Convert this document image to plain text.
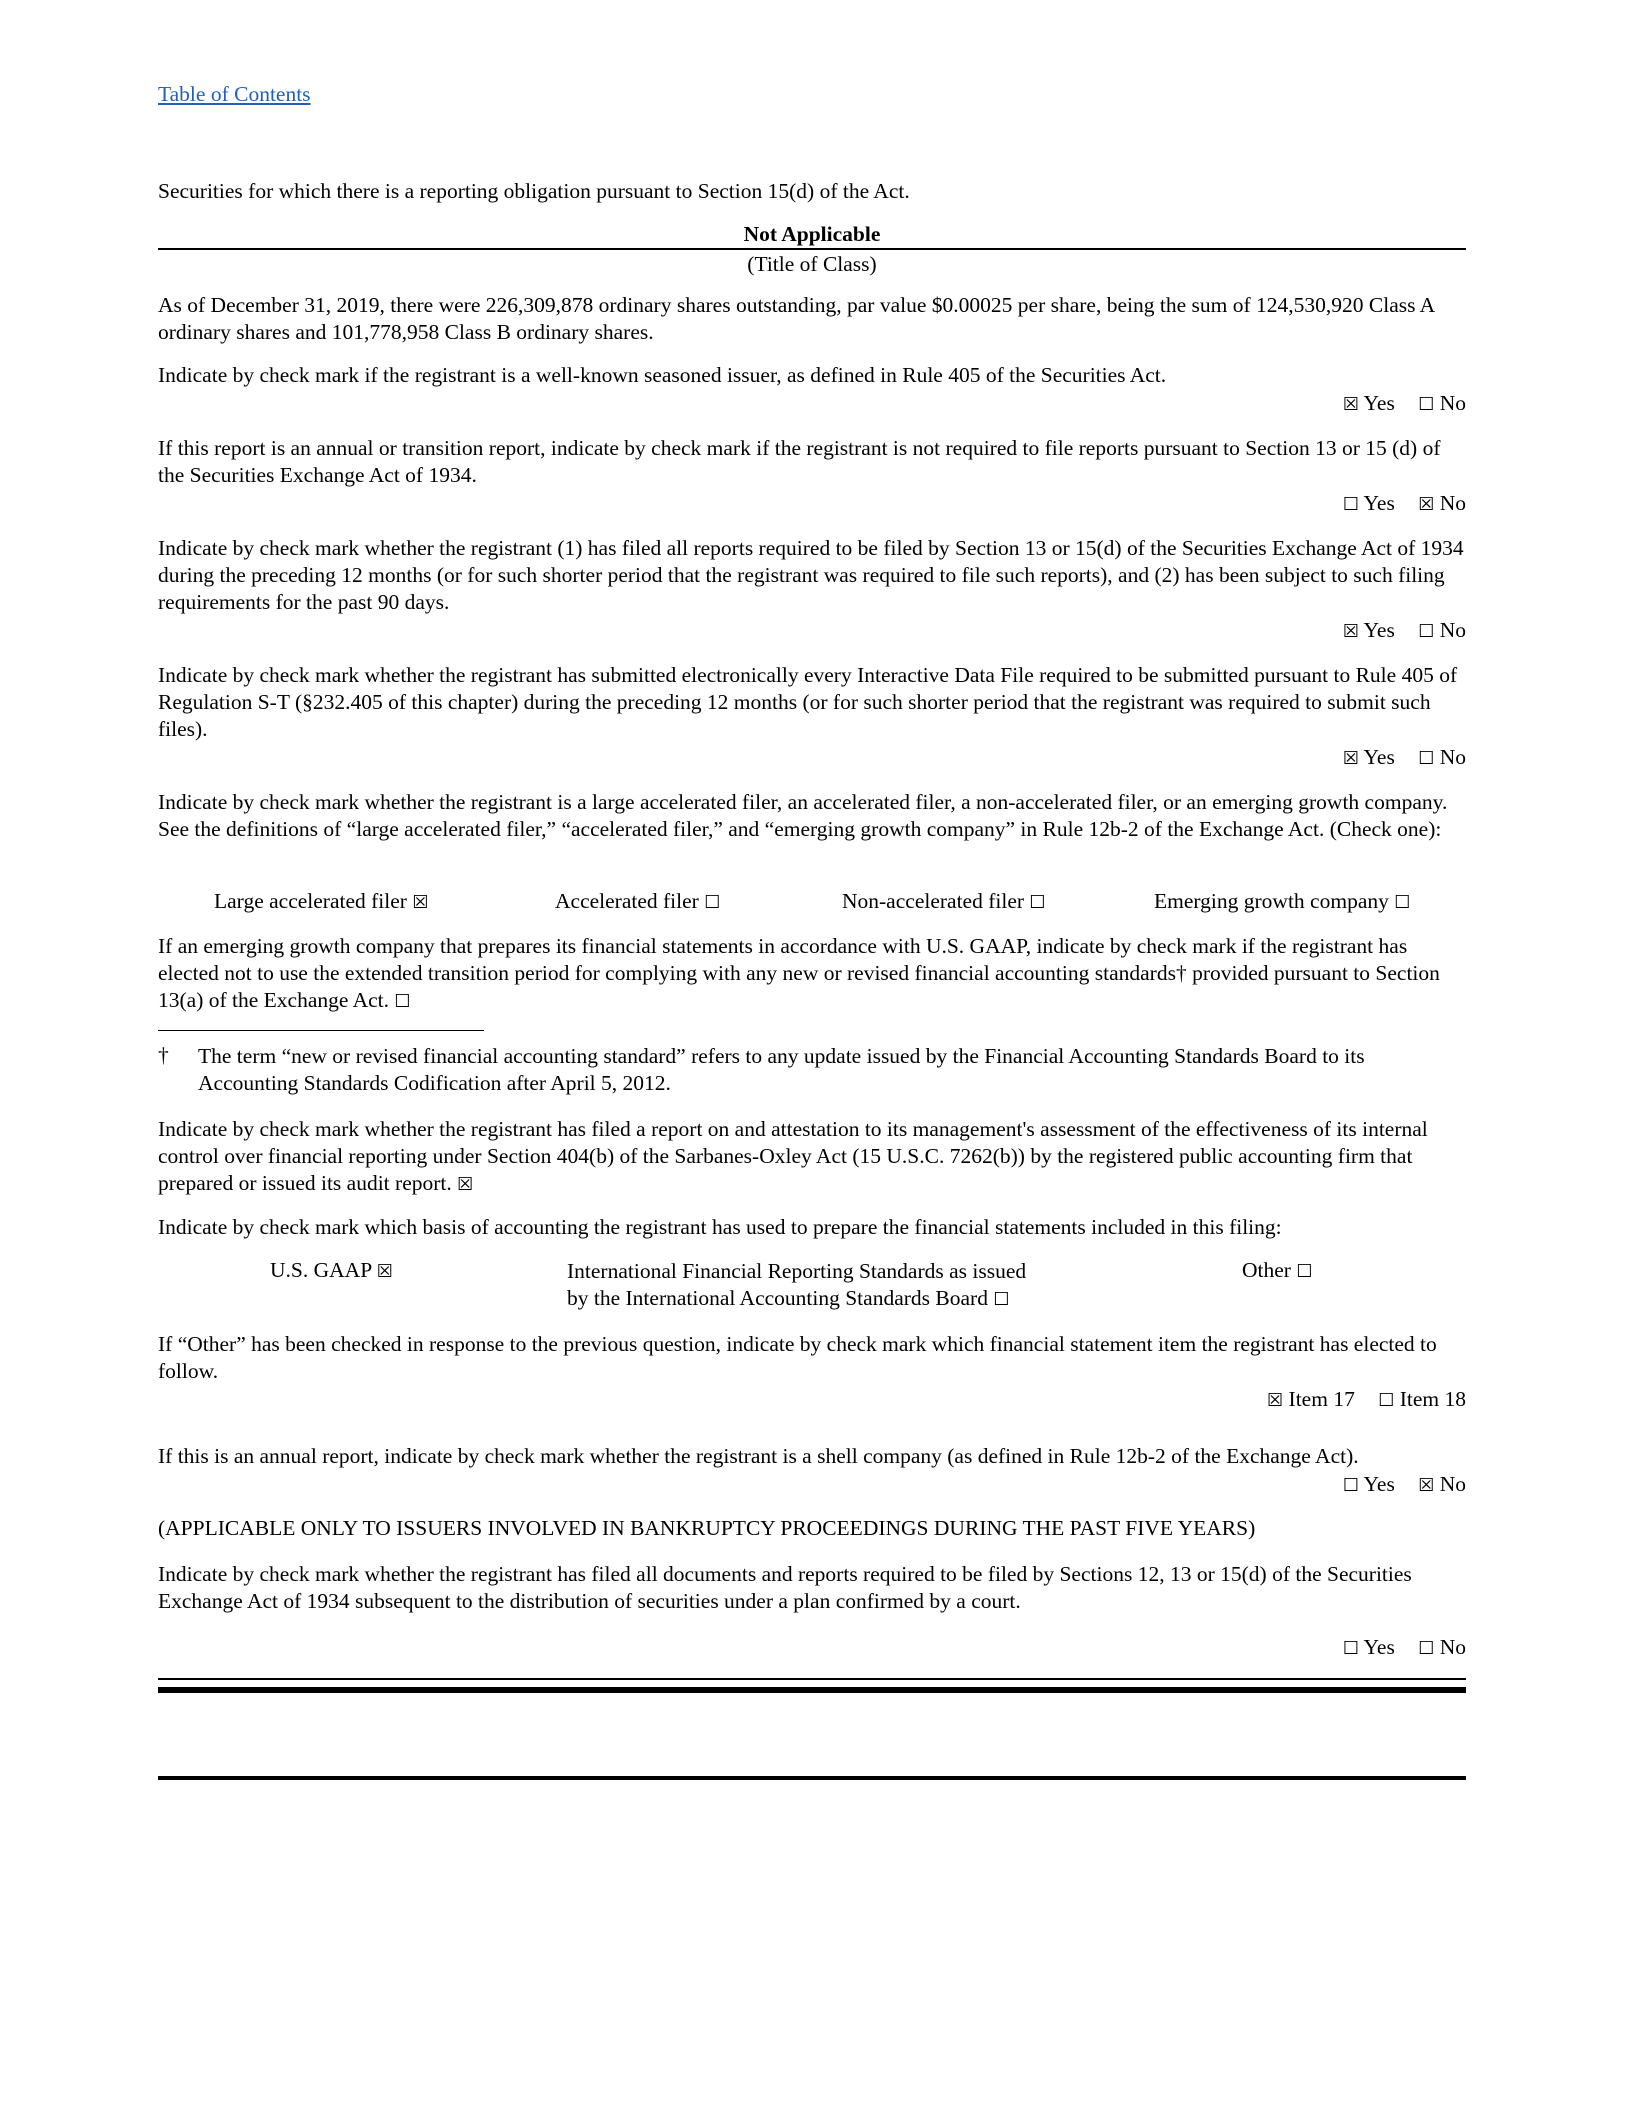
Table of Contents

Securities for which there is a reporting obligation pursuant to Section 15(d) of the Act.

Not Applicable

(Title of Class)

As of December 31, 2019, there were 226,309,878 ordinary shares outstanding, par value $0.00025 per share, being the sum of 124,530,920 Class A ordinary shares and 101,778,958 Class B ordinary shares.

Indicate by check mark if the registrant is a well-known seasoned issuer, as defined in Rule 405 of the Securities Act.

☒ Yes ☐ No

If this report is an annual or transition report, indicate by check mark if the registrant is not required to file reports pursuant to Section 13 or 15 (d) of the Securities Exchange Act of 1934.

☐ Yes ☒ No

Indicate by check mark whether the registrant (1) has filed all reports required to be filed by Section 13 or 15(d) of the Securities Exchange Act of 1934 during the preceding 12 months (or for such shorter period that the registrant was required to file such reports), and (2) has been subject to such filing requirements for the past 90 days.

☒ Yes ☐ No

Indicate by check mark whether the registrant has submitted electronically every Interactive Data File required to be submitted pursuant to Rule 405 of Regulation S-T (§232.405 of this chapter) during the preceding 12 months (or for such shorter period that the registrant was required to submit such files).

☒ Yes ☐ No

Indicate by check mark whether the registrant is a large accelerated filer, an accelerated filer, a non-accelerated filer, or an emerging growth company. See the definitions of “large accelerated filer,” “accelerated filer,” and “emerging growth company” in Rule 12b-2 of the Exchange Act. (Check one):

Large accelerated filer ☒	Accelerated filer ☐	Non-accelerated filer ☐	Emerging growth company ☐

If an emerging growth company that prepares its financial statements in accordance with U.S. GAAP, indicate by check mark if the registrant has elected not to use the extended transition period for complying with any new or revised financial accounting standards† provided pursuant to Section 13(a) of the Exchange Act. ☐

† The term “new or revised financial accounting standard” refers to any update issued by the Financial Accounting Standards Board to its Accounting Standards Codification after April 5, 2012.

Indicate by check mark whether the registrant has filed a report on and attestation to its management's assessment of the effectiveness of its internal control over financial reporting under Section 404(b) of the Sarbanes-Oxley Act (15 U.S.C. 7262(b)) by the registered public accounting firm that prepared or issued its audit report. ☒

Indicate by check mark which basis of accounting the registrant has used to prepare the financial statements included in this filing:

U.S. GAAP ☒	International Financial Reporting Standards as issued

by the International Accounting Standards Board ☐

Other ☐

If “Other” has been checked in response to the previous question, indicate by check mark which financial statement item the registrant has elected to follow.

☒ Item 17 ☐ Item 18

If this is an annual report, indicate by check mark whether the registrant is a shell company (as defined in Rule 12b-2 of the Exchange Act).

☐ Yes ☒ No

(APPLICABLE ONLY TO ISSUERS INVOLVED IN BANKRUPTCY PROCEEDINGS DURING THE PAST FIVE YEARS)

Indicate by check mark whether the registrant has filed all documents and reports required to be filed by Sections 12, 13 or 15(d) of the Securities Exchange Act of 1934 subsequent to the distribution of securities under a plan confirmed by a court.

☐ Yes ☐ No
